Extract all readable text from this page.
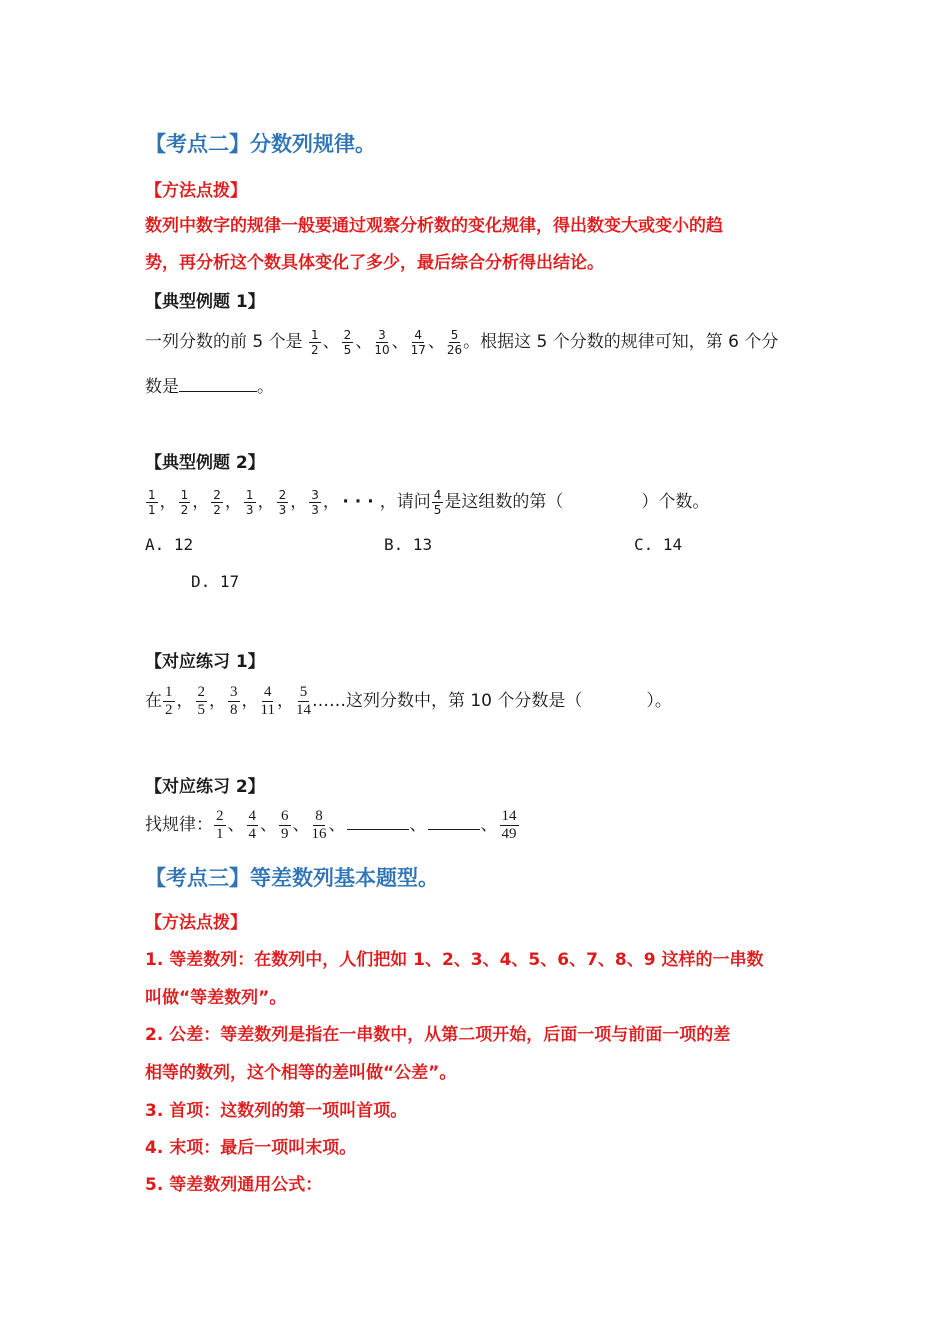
【考点二】分数列规律。
【方法点拨】
数列中数字的规律一般要通过观察分析数的变化规律，得出数变大或变小的趋
势，再分析这个数具体变化了多少，最后综合分析得出结论。
【典型例题 1】
一列分数的前 5 个是 $\frac{1}{2}$ 、 $\frac{2}{5}$ 、 $\frac{3}{10}$ 、 $\frac{4}{17}$ 、 $\frac{5}{26}$ 。根据这 5 个分数的规律可知，第 6 个分
数是	。
【典型例题 2】
$\frac{1}{1}$ ， $\frac{1}{2}$ ， $\frac{2}{2}$ ， $\frac{1}{3}$ ， $\frac{2}{3}$ ， $\frac{3}{3}$ ， ···，请问 $\frac{4}{5}$ 是这组数的第（	）个数。
A. 12	B. 13	C. 14
D. 17
【对应练习 1】
在 $\frac{1}{2}$ ， $\frac{2}{5}$ ， $\frac{3}{8}$ ， $\frac{4}{11}$ ， $\frac{5}{14}$ ……这列分数中，第 10 个分数是（	）。
【对应练习 2】
找规律： $\frac{2}{1}$ 、 $\frac{4}{4}$ 、 $\frac{6}{9}$ 、 $\frac{8}{16}$ 、	、	、 $\frac{14}{49}$
【考点三】等差数列基本题型。
【方法点拨】
1. 等差数列：在数列中，人们把如 1、2、3、4、5、6、7、8、9 这样的一串数
叫做“等差数列”。
2. 公差：等差数列是指在一串数中，从第二项开始，后面一项与前面一项的差
相等的数列，这个相等的差叫做“公差”。
3. 首项：这数列的第一项叫首项。
4. 末项：最后一项叫末项。
5. 等差数列通用公式：
